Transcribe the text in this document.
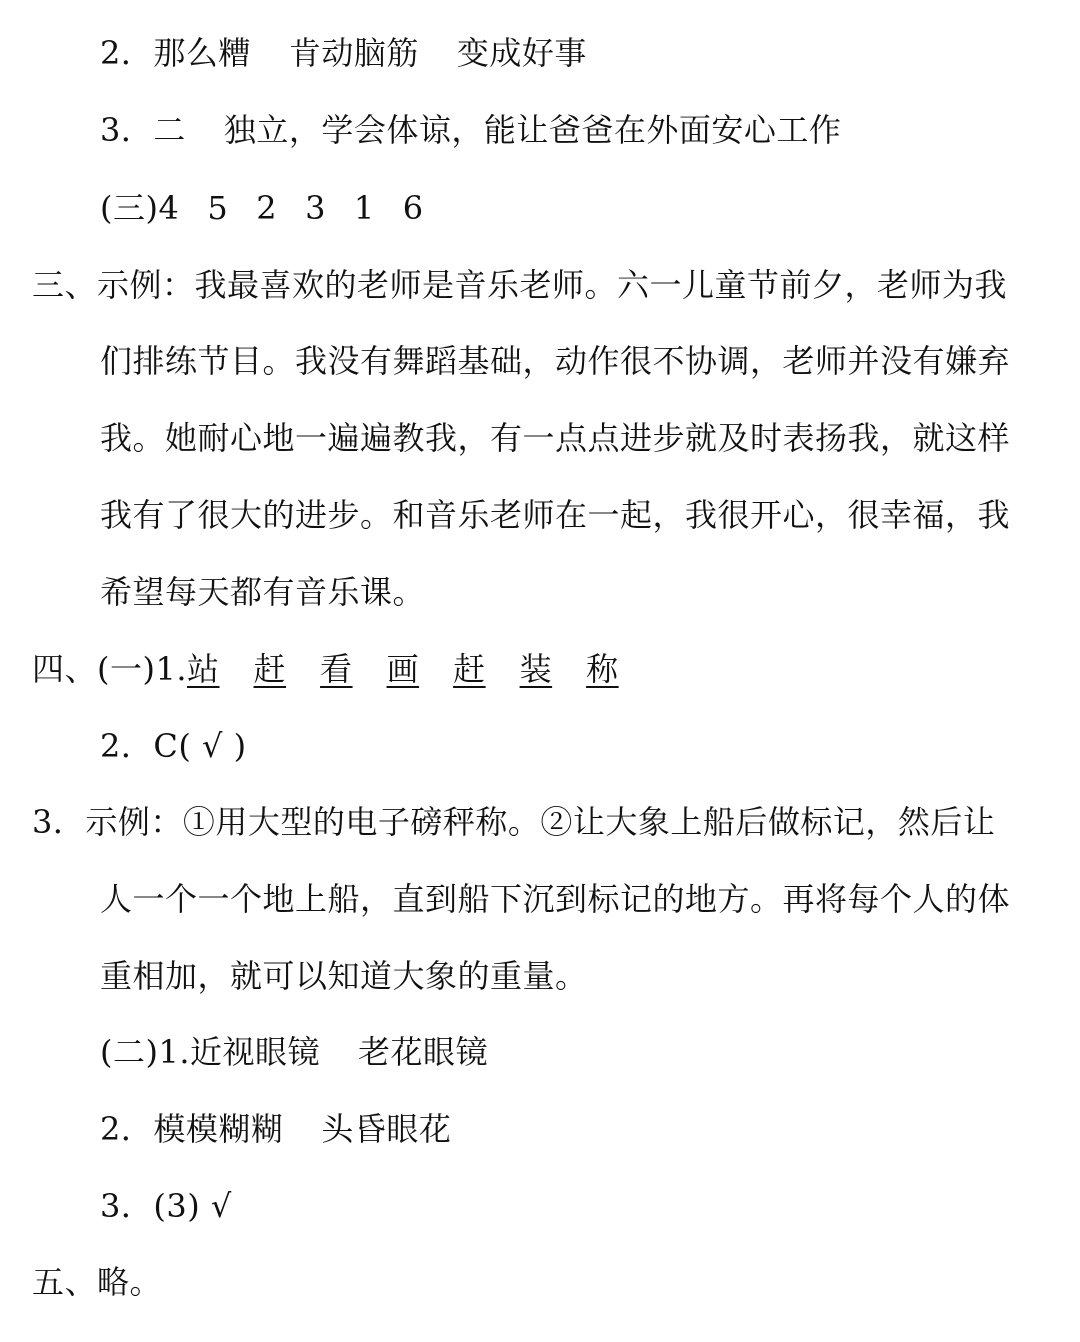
2．那么糟 肯动脑筋 变成好事
3．二 独立，学会体谅，能让爸爸在外面安心工作
(三)4 5 2 3 1 6
三、示例：我最喜欢的老师是音乐老师。六一儿童节前夕，老师为我
们排练节目。我没有舞蹈基础，动作很不协调，老师并没有嫌弃
我。她耐心地一遍遍教我，有一点点进步就及时表扬我，就这样
我有了很大的进步。和音乐老师在一起，我很开心，很幸福，我
希望每天都有音乐课。
四、(一)1.站 赶 看 画 赶 装 称
2．C( √ )
3．示例：①用大型的电子磅秤称。②让大象上船后做标记，然后让
人一个一个地上船，直到船下沉到标记的地方。再将每个人的体
重相加，就可以知道大象的重量。
(二)1.近视眼镜 老花眼镜
2．模模糊糊 头昏眼花
3．(3) √
五、略。
